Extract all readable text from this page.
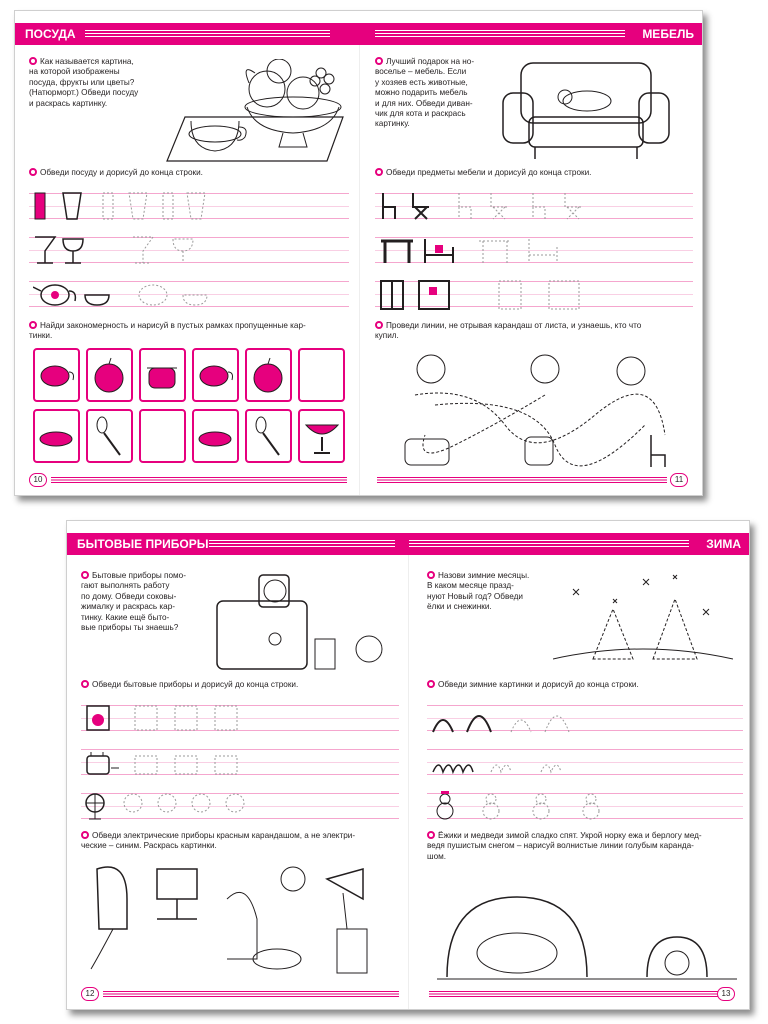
ПОСУДА	МЕБЕЛЬ
Как называется картина,
на которой изображены
посуда, фрукты или цветы?
(Натюрморт.) Обведи посуду
и раскрась картинку.
Обведи посуду и дорисуй до конца строки.
Найди закономерность и нарисуй в пустых рамках пропущенные кар-
тинки.
Лучший подарок на но-
воселье – мебель. Если
у хозяев есть животные,
можно подарить мебель
и для них. Обведи диван-
чик для кота и раскрась
картинку.
Обведи предметы мебели и дорисуй до конца строки.
Проведи линии, не отрывая карандаш от листа, и узнаешь, кто что
купил.
10	11
БЫТОВЫЕ ПРИБОРЫ	ЗИМА
Бытовые приборы помо-
гают выполнять работу
по дому. Обведи соковы-
жималку и раскрась кар-
тинку. Какие ещё быто-
вые приборы ты знаешь?
Обведи бытовые приборы и дорисуй до конца строки.
Обведи электрические приборы красным карандашом, а не электри-
ческие – синим. Раскрась картинки.
Назови зимние месяцы.
В каком месяце празд-
нуют Новый год? Обведи
ёлки и снежинки.
Обведи зимние картинки и дорисуй до конца строки.
Ёжики и медведи зимой сладко спят. Укрой норку ежа и берлогу мед-
ведя пушистым снегом – нарисуй волнистые линии голубым каранда-
шом.
12	13
